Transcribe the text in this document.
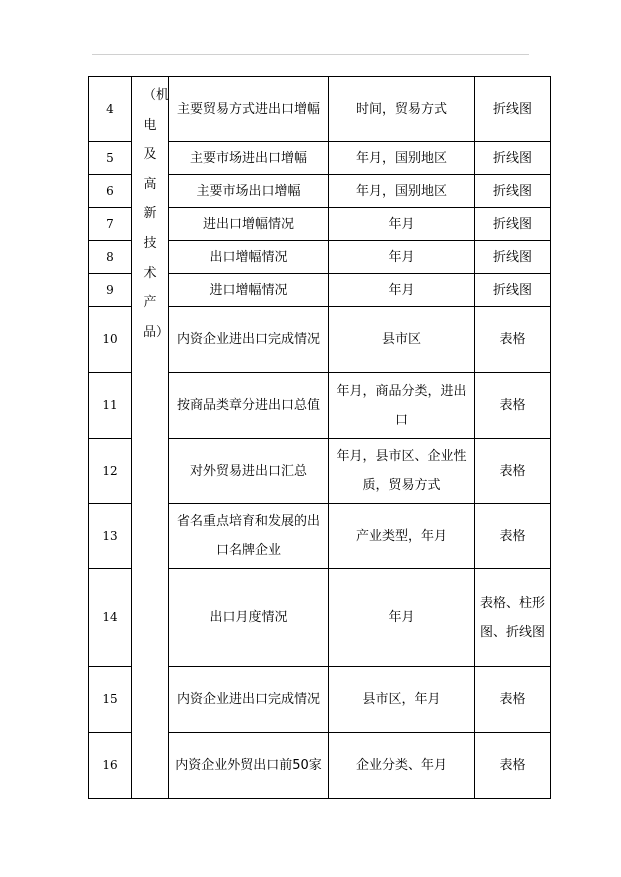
4	（机电及高新技术产品）	主要贸易方式进出口增幅	时间，贸易方式	折线图
5		主要市场进出口增幅	年月，国别地区	折线图
6		主要市场出口增幅	年月，国别地区	折线图
7		进出口增幅情况	年月	折线图
8		出口增幅情况	年月	折线图
9		进口增幅情况	年月	折线图
10		内资企业进出口完成情况	县市区	表格
11		按商品类章分进出口总值	年月，商品分类，进出口	表格
12		对外贸易进出口汇总	年月，县市区、企业性质，贸易方式	表格
13		省名重点培育和发展的出口名牌企业	产业类型，年月	表格
14		出口月度情况	年月	表格、柱形图、折线图
15		内资企业进出口完成情况	县市区，年月	表格
16		内资企业外贸出口前50家	企业分类、年月	表格
